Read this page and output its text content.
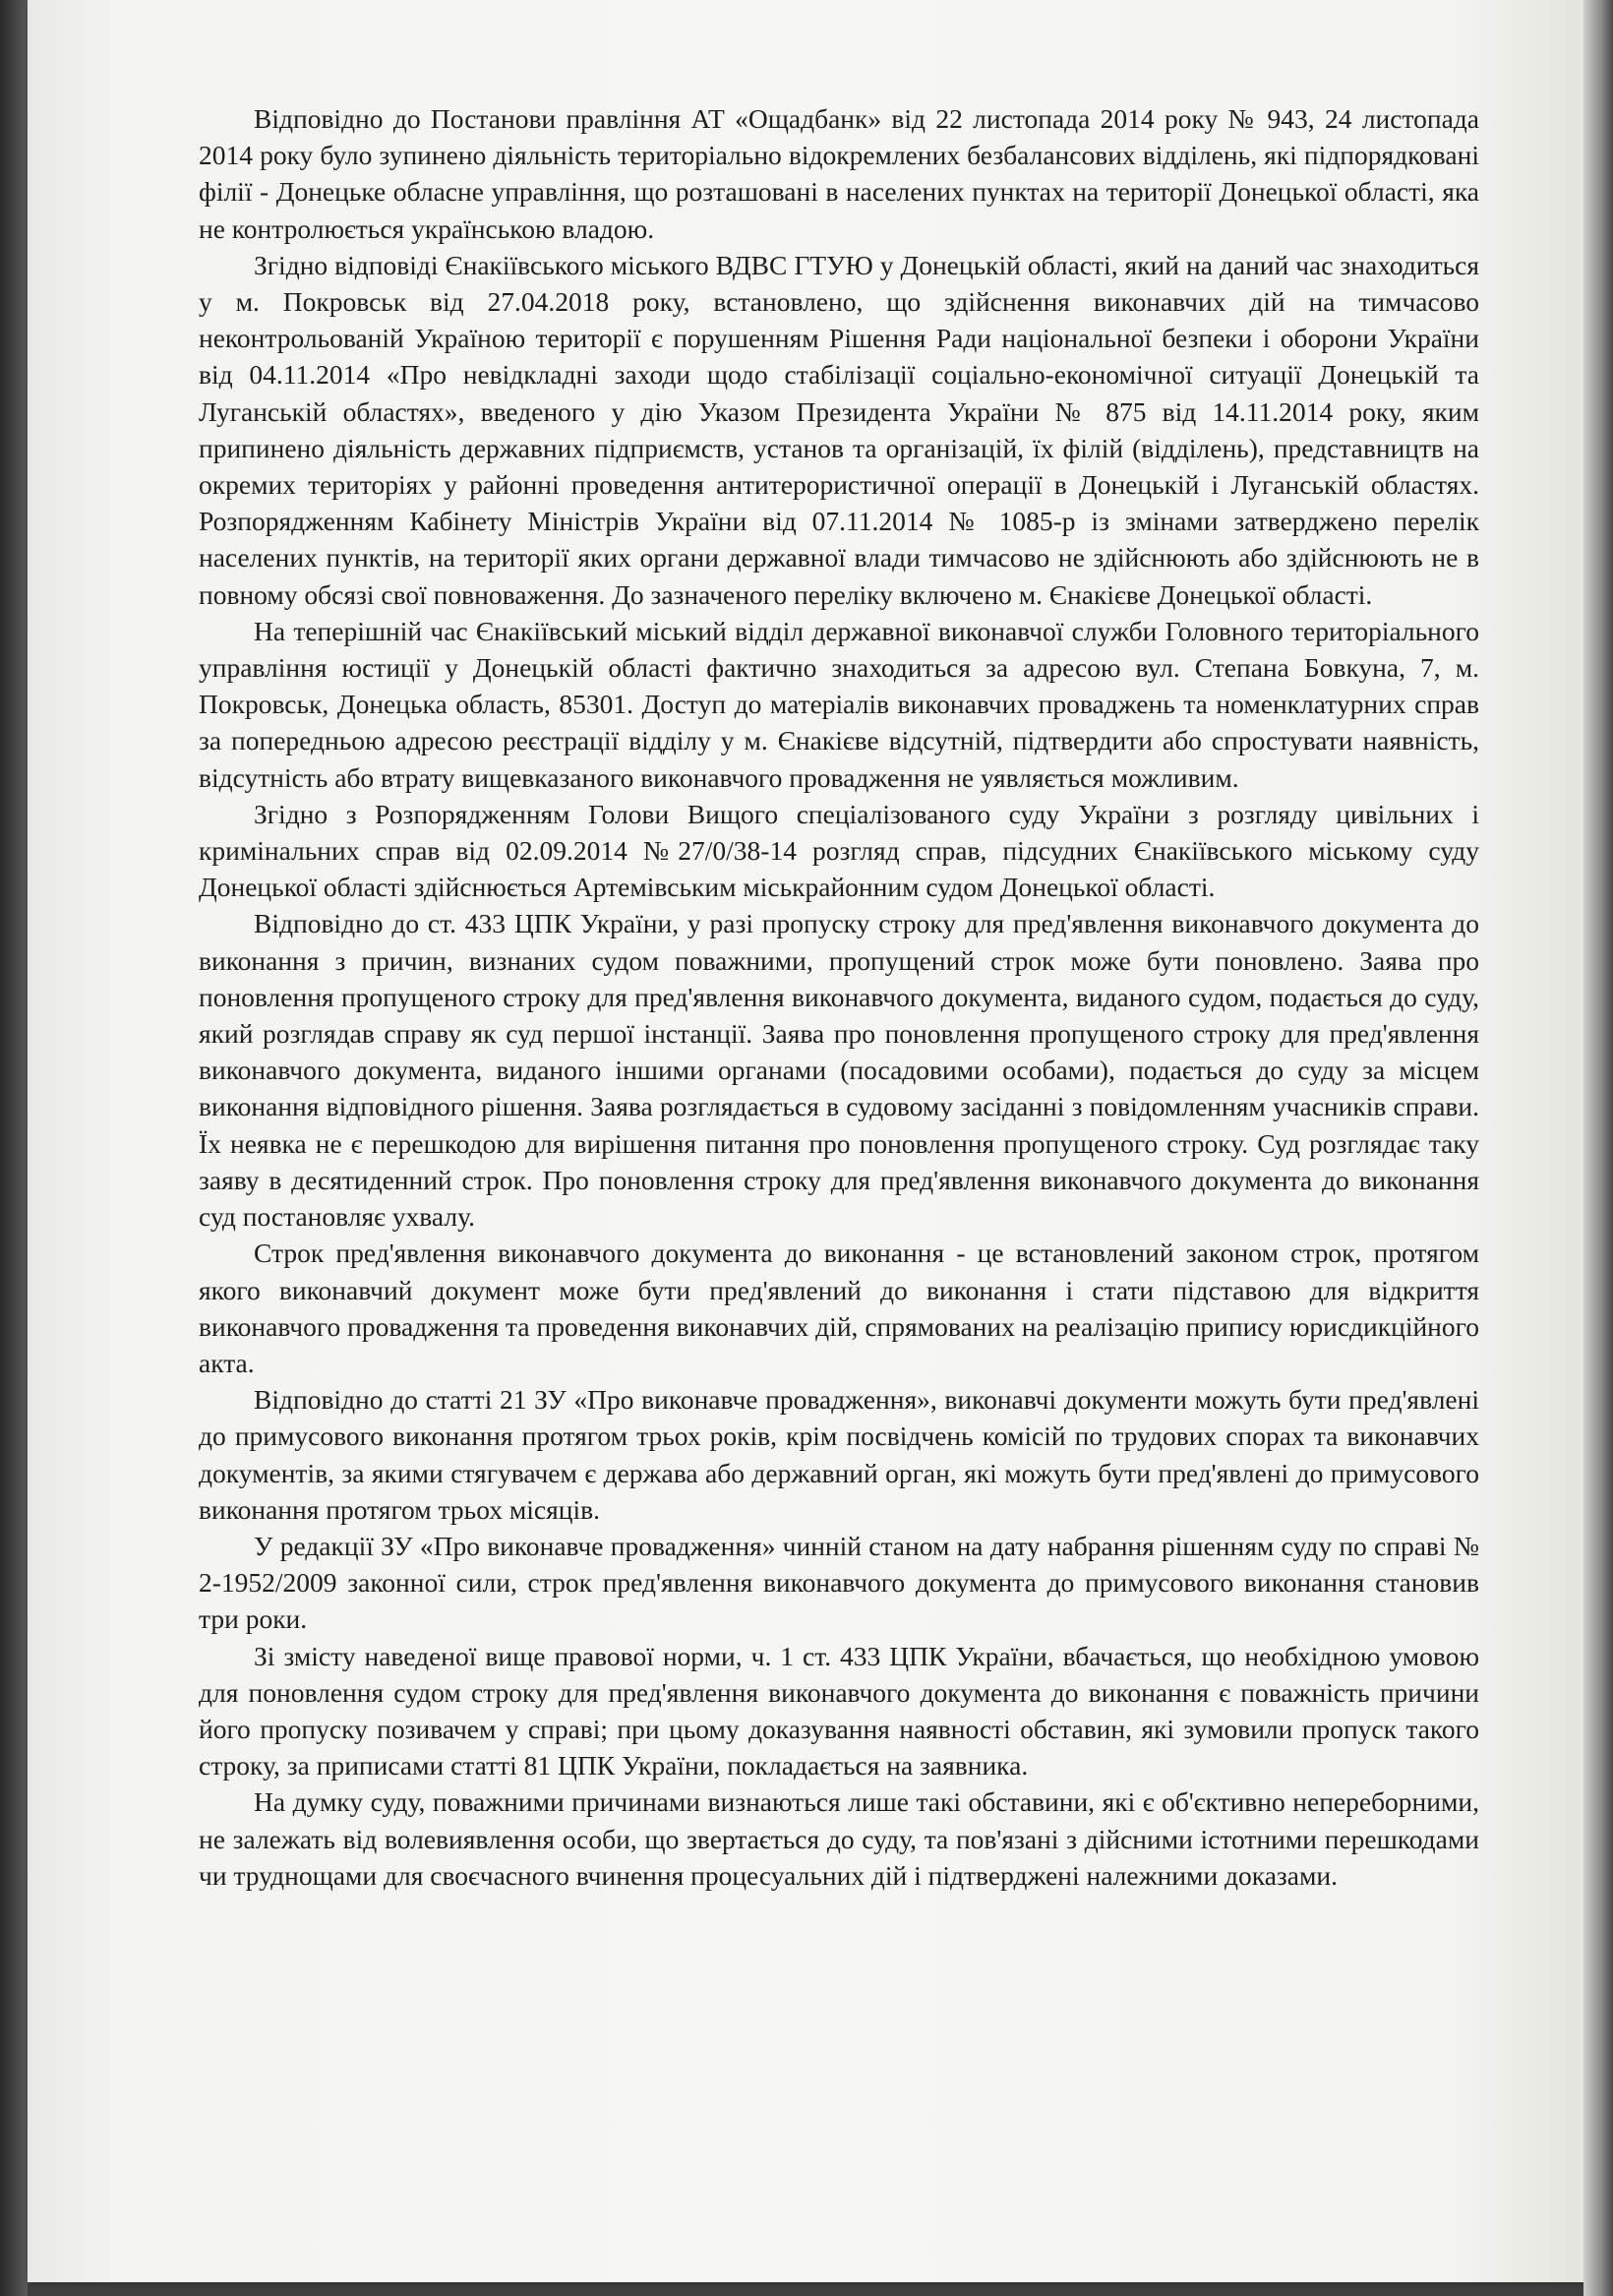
Відповідно до Постанови правління АТ «Ощадбанк» від 22 листопада 2014 року № 943, 24 листопада 2014 року було зупинено діяльність територіально відокремлених безбалансових відділень, які підпорядковані філії - Донецьке обласне управління, що розташовані в населених пунктах на території Донецької області, яка не контролюється українською владою.

Згідно відповіді Єнакіївського міського ВДВС ГТУЮ у Донецькій області, який на даний час знаходиться у м. Покровськ від 27.04.2018 року, встановлено, що здійснення виконавчих дій на тимчасово неконтрольованій Україною території є порушенням Рішення Ради національної безпеки і оборони України від 04.11.2014 «Про невідкладні заходи щодо стабілізації соціально-економічної ситуації Донецькій та Луганській областях», введеного у дію Указом Президента України № 875 від 14.11.2014 року, яким припинено діяльність державних підприємств, установ та організацій, їх філій (відділень), представництв на окремих територіях у районні проведення антитерористичної операції в Донецькій і Луганській областях. Розпорядженням Кабінету Міністрів України від 07.11.2014 № 1085-р із змінами затверджено перелік населених пунктів, на території яких органи державної влади тимчасово не здійснюють або здійснюють не в повному обсязі свої повноваження. До зазначеного переліку включено м. Єнакієве Донецької області.

На теперішній час Єнакіївський міський відділ державної виконавчої служби Головного територіального управління юстиції у Донецькій області фактично знаходиться за адресою вул. Степана Бовкуна, 7, м. Покровськ, Донецька область, 85301. Доступ до матеріалів виконавчих проваджень та номенклатурних справ за попередньою адресою реєстрації відділу у м. Єнакієве відсутній, підтвердити або спростувати наявність, відсутність або втрату вищевказаного виконавчого провадження не уявляється можливим.

Згідно з Розпорядженням Голови Вищого спеціалізованого суду України з розгляду цивільних і кримінальних справ від 02.09.2014 №27/0/38-14 розгляд справ, підсудних Єнакіївського міському суду Донецької області здійснюється Артемівським міськрайонним судом Донецької області.

Відповідно до ст. 433 ЦПК України, у разі пропуску строку для пред'явлення виконавчого документа до виконання з причин, визнаних судом поважними, пропущений строк може бути поновлено. Заява про поновлення пропущеного строку для пред'явлення виконавчого документа, виданого судом, подається до суду, який розглядав справу як суд першої інстанції. Заява про поновлення пропущеного строку для пред'явлення виконавчого документа, виданого іншими органами (посадовими особами), подається до суду за місцем виконання відповідного рішення. Заява розглядається в судовому засіданні з повідомленням учасників справи. Їх неявка не є перешкодою для вирішення питання про поновлення пропущеного строку. Суд розглядає таку заяву в десятиденний строк. Про поновлення строку для пред'явлення виконавчого документа до виконання суд постановляє ухвалу.

Строк пред'явлення виконавчого документа до виконання - це встановлений законом строк, протягом якого виконавчий документ може бути пред'явлений до виконання і стати підставою для відкриття виконавчого провадження та проведення виконавчих дій, спрямованих на реалізацію припису юрисдикційного акта.

Відповідно до статті 21 ЗУ «Про виконавче провадження», виконавчі документи можуть бути пред'явлені до примусового виконання протягом трьох років, крім посвідчень комісій по трудових спорах та виконавчих документів, за якими стягувачем є держава або державний орган, які можуть бути пред'явлені до примусового виконання протягом трьох місяців.

У редакції ЗУ «Про виконавче провадження» чинній станом на дату набрання рішенням суду по справі № 2-1952/2009 законної сили, строк пред'явлення виконавчого документа до примусового виконання становив три роки.

Зі змісту наведеної вище правової норми, ч. 1 ст. 433 ЦПК України, вбачається, що необхідною умовою для поновлення судом строку для пред'явлення виконавчого документа до виконання є поважність причини його пропуску позивачем у справі; при цьому доказування наявності обставин, які зумовили пропуск такого строку, за приписами статті 81 ЦПК України, покладається на заявника.

На думку суду, поважними причинами визнаються лише такі обставини, які є об'єктивно непереборними, не залежать від волевиявлення особи, що звертається до суду, та пов'язані з дійсними істотними перешкодами чи труднощами для своєчасного вчинення процесуальних дій і підтверджені належними доказами.
